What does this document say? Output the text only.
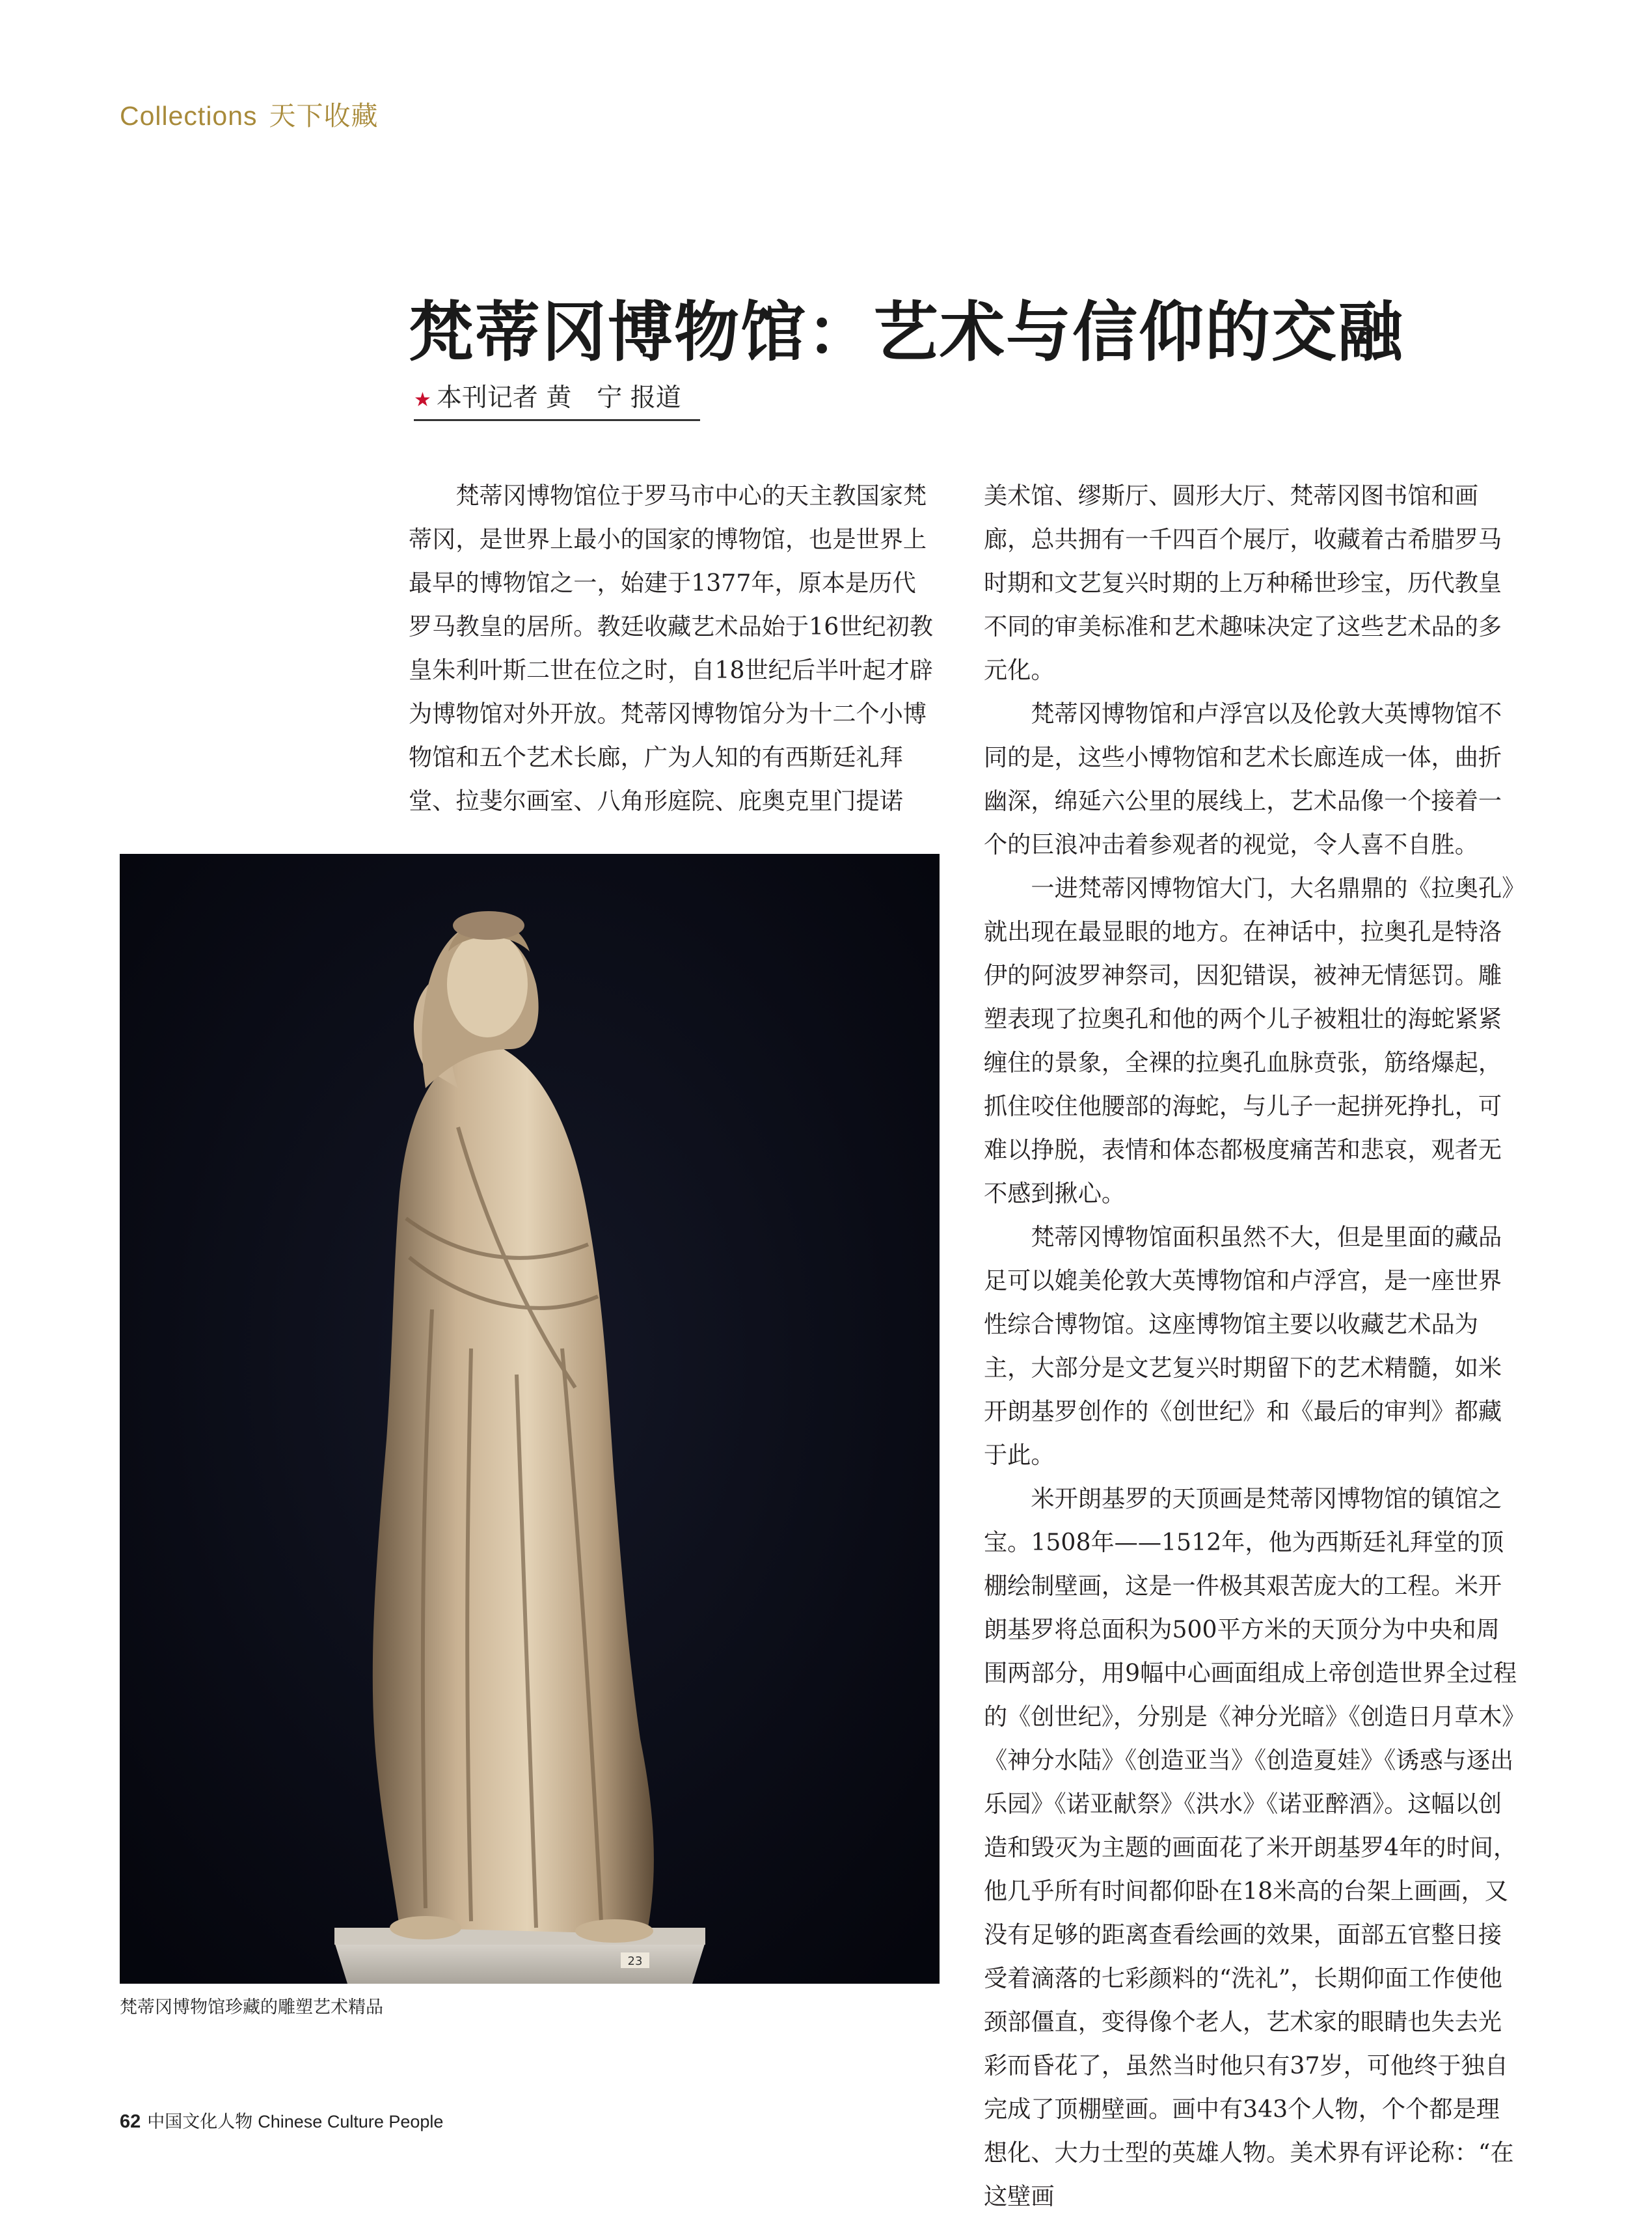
Collections 天下收藏
梵蒂冈博物馆：艺术与信仰的交融
★ 本刊记者 黄　宁 报道

梵蒂冈博物馆位于罗马市中心的天主教国家梵蒂冈，是世界上最小的国家的博物馆，也是世界上最早的博物馆之一，始建于1377年，原本是历代罗马教皇的居所。教廷收藏艺术品始于16世纪初教皇朱利叶斯二世在位之时，自18世纪后半叶起才辟为博物馆对外开放。梵蒂冈博物馆分为十二个小博物馆和五个艺术长廊，广为人知的有西斯廷礼拜堂、拉斐尔画室、八角形庭院、庇奥克里门提诺

美术馆、缪斯厅、圆形大厅、梵蒂冈图书馆和画廊，总共拥有一千四百个展厅，收藏着古希腊罗马时期和文艺复兴时期的上万种稀世珍宝，历代教皇不同的审美标准和艺术趣味决定了这些艺术品的多元化。

梵蒂冈博物馆和卢浮宫以及伦敦大英博物馆不同的是，这些小博物馆和艺术长廊连成一体，曲折幽深，绵延六公里的展线上，艺术品像一个接着一个的巨浪冲击着参观者的视觉，令人喜不自胜。

一进梵蒂冈博物馆大门，大名鼎鼎的《拉奥孔》就出现在最显眼的地方。在神话中，拉奥孔是特洛伊的阿波罗神祭司，因犯错误，被神无情惩罚。雕塑表现了拉奥孔和他的两个儿子被粗壮的海蛇紧紧缠住的景象，全裸的拉奥孔血脉贲张，筋络爆起，抓住咬住他腰部的海蛇，与儿子一起拼死挣扎，可难以挣脱，表情和体态都极度痛苦和悲哀，观者无不感到揪心。

梵蒂冈博物馆面积虽然不大，但是里面的藏品足可以媲美伦敦大英博物馆和卢浮宫，是一座世界性综合博物馆。这座博物馆主要以收藏艺术品为主，大部分是文艺复兴时期留下的艺术精髓，如米开朗基罗创作的《创世纪》和《最后的审判》都藏于此。

米开朗基罗的天顶画是梵蒂冈博物馆的镇馆之宝。1508年——1512年，他为西斯廷礼拜堂的顶棚绘制壁画，这是一件极其艰苦庞大的工程。米开朗基罗将总面积为500平方米的天顶分为中央和周围两部分，用9幅中心画面组成上帝创造世界全过程的《创世纪》，分别是《神分光暗》《创造日月草木》《神分水陆》《创造亚当》《创造夏娃》《诱惑与逐出乐园》《诺亚献祭》《洪水》《诺亚醉酒》。这幅以创造和毁灭为主题的画面花了米开朗基罗4年的时间，他几乎所有时间都仰卧在18米高的台架上画画，又没有足够的距离查看绘画的效果，面部五官整日接受着滴落的七彩颜料的“洗礼”，长期仰面工作使他颈部僵直，变得像个老人，艺术家的眼睛也失去光彩而昏花了，虽然当时他只有37岁，可他终于独自完成了顶棚壁画。画中有343个人物，个个都是理想化、大力士型的英雄人物。美术界有评论称：“在这壁画

23
梵蒂冈博物馆珍藏的雕塑艺术精品
62 中国文化人物 Chinese Culture People
